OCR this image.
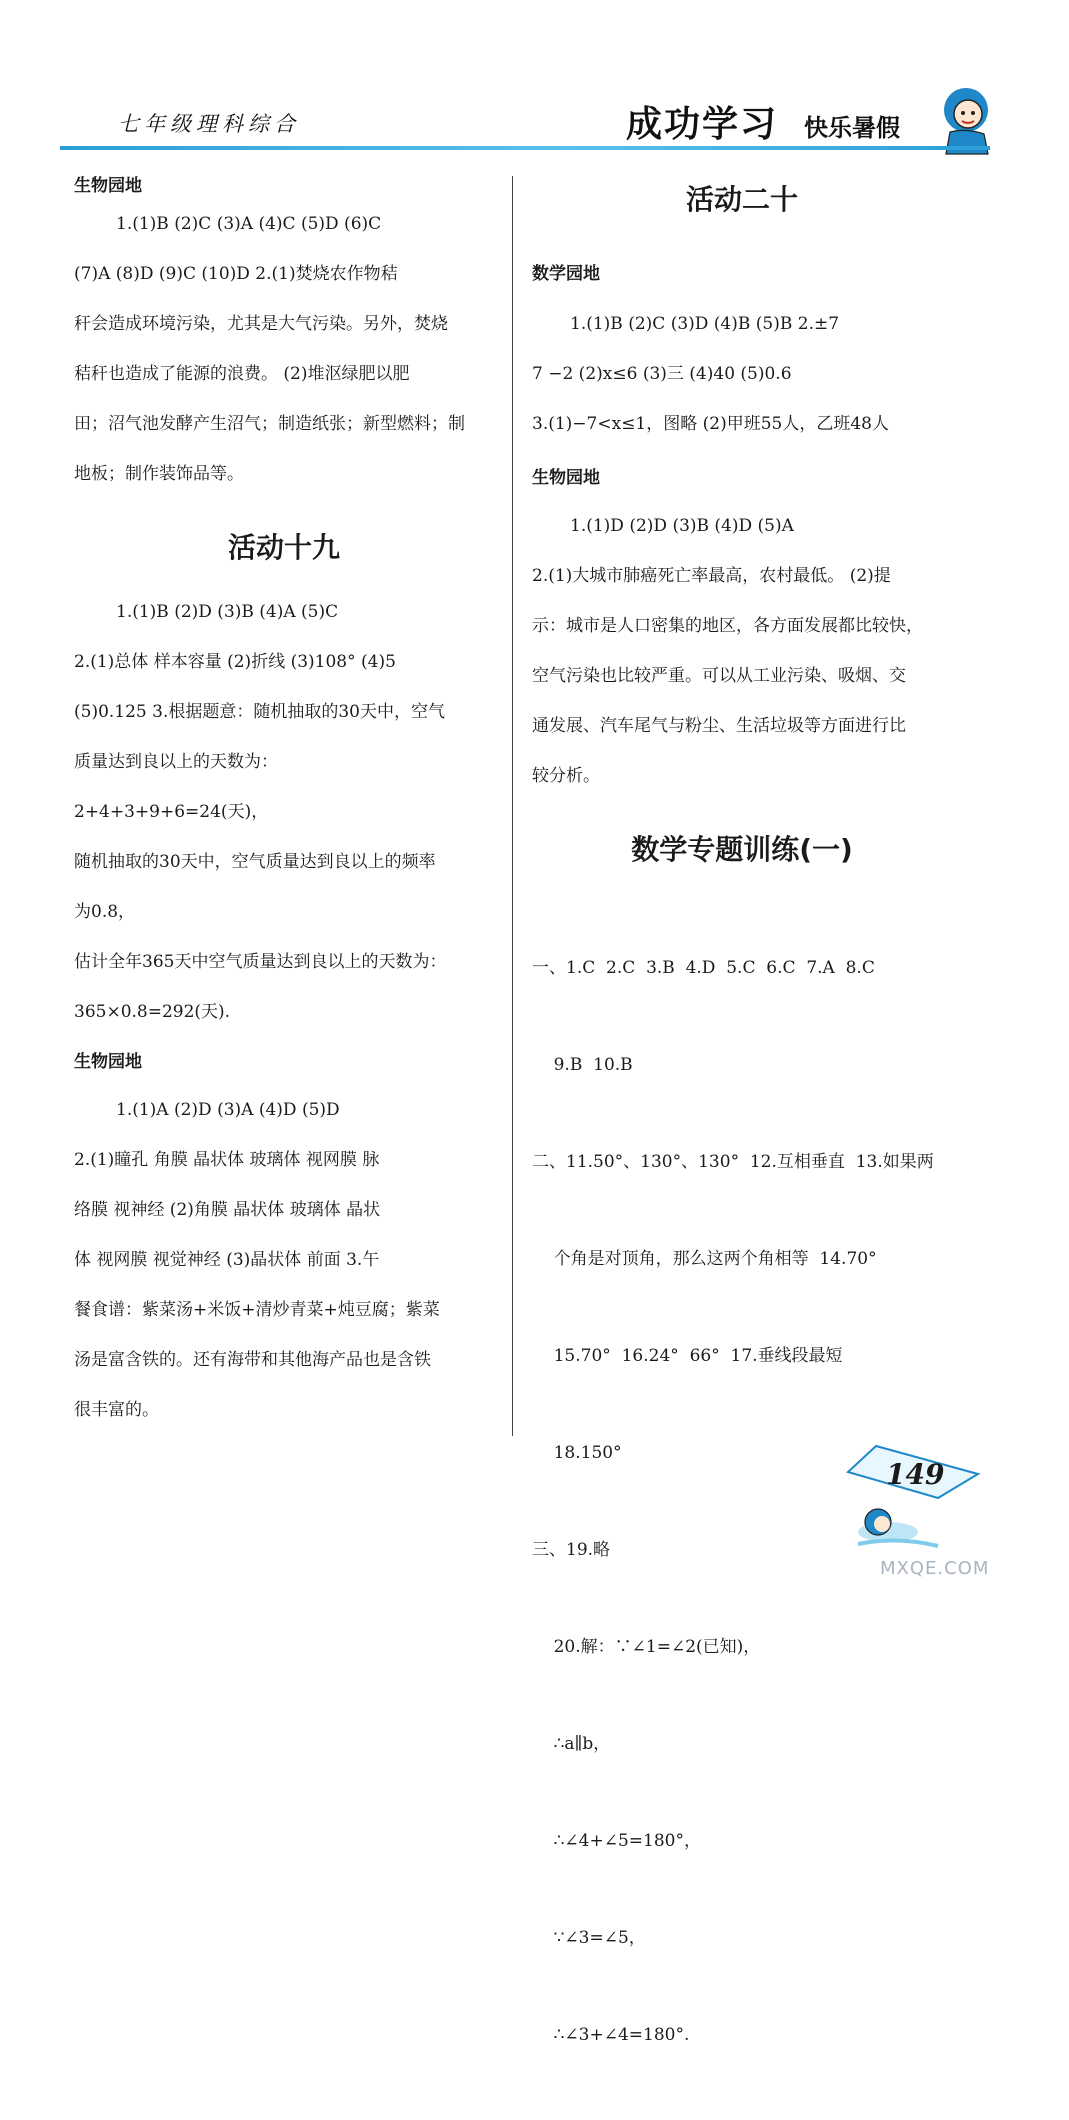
七年级理科综合	成功学习 快乐暑假
生物园地

1.(1)B (2)C (3)A (4)C (5)D (6)C

(7)A (8)D (9)C (10)D 2.(1)焚烧农作物秸

秆会造成环境污染，尤其是大气污染。另外，焚烧

秸秆也造成了能源的浪费。 (2)堆沤绿肥以肥

田；沼气池发酵产生沼气；制造纸张；新型燃料；制

地板；制作装饰品等。

活动十九

1.(1)B (2)D (3)B (4)A (5)C

2.(1)总体 样本容量 (2)折线 (3)108° (4)5

(5)0.125 3.根据题意：随机抽取的30天中，空气

质量达到良以上的天数为：

2+4+3+9+6=24(天)，

随机抽取的30天中，空气质量达到良以上的频率

为0.8，

估计全年365天中空气质量达到良以上的天数为：

365×0.8=292(天).

生物园地

1.(1)A (2)D (3)A (4)D (5)D

2.(1)瞳孔 角膜 晶状体 玻璃体 视网膜 脉

络膜 视神经 (2)角膜 晶状体 玻璃体 晶状

体 视网膜 视觉神经 (3)晶状体 前面 3.午

餐食谱：紫菜汤+米饭+清炒青菜+炖豆腐；紫菜

汤是富含铁的。还有海带和其他海产品也是含铁

很丰富的。

活动二十
数学园地

1.(1)B (2)C (3)D (4)B (5)B 2.±7

7 −2 (2)x≤6 (3)三 (4)40 (5)0.6

3.(1)−7<x≤1，图略 (2)甲班55人，乙班48人

生物园地

1.(1)D (2)D (3)B (4)D (5)A

2.(1)大城市肺癌死亡率最高，农村最低。 (2)提

示：城市是人口密集的地区，各方面发展都比较快，

空气污染也比较严重。可以从工业污染、吸烟、交

通发展、汽车尾气与粉尘、生活垃圾等方面进行比

较分析。

数学专题训练(一)

一、1.C  2.C  3.B  4.D  5.C  6.C  7.A  8.C

9.B  10.B

二、11.50°、130°、130°  12.互相垂直  13.如果两

个角是对顶角，那么这两个角相等  14.70°

15.70°  16.24°  66°  17.垂线段最短

18.150°

三、19.略

20.解：∵∠1=∠2(已知)，

∴a∥b，

∴∠4+∠5=180°，

∵∠3=∠5，

∴∠3+∠4=180°.

149
MXQE.COM
